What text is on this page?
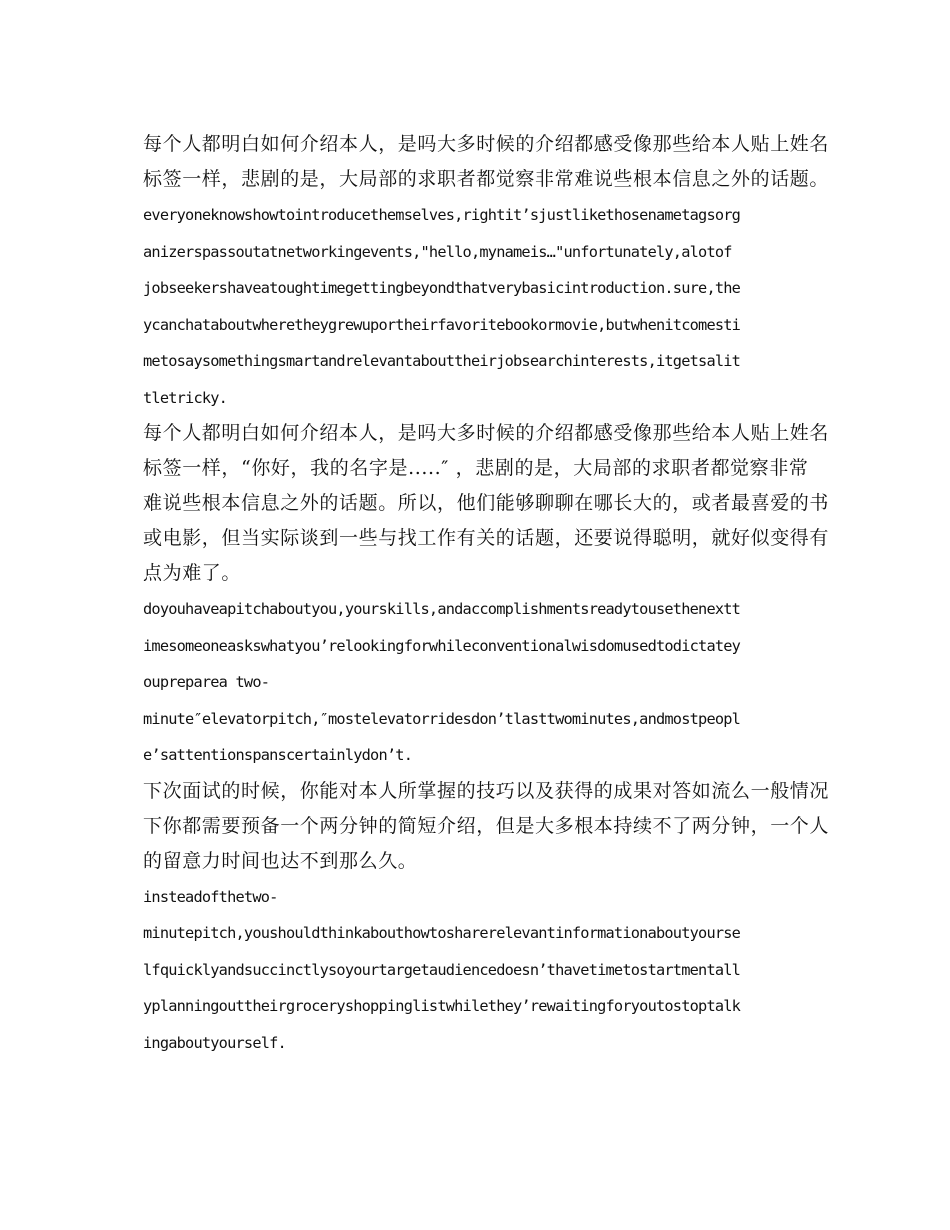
每个人都明白如何介绍本人，是吗大多时候的介绍都感受像那些给本人贴上姓名
标签一样，悲剧的是，大局部的求职者都觉察非常难说些根本信息之外的话题。
everyoneknowshowtointroducethemselves,rightit’sjustlikethosenametagsorg
anizerspassoutatnetworkingevents,"hello,mynameis…"unfortunately,alotof
jobseekershaveatoughtimegettingbeyondthatverybasicintroduction.sure,the
ycanchataboutwheretheygrewuportheirfavoritebookormovie,butwhenitcomesti
metosaysomethingsmartandrelevantabouttheirjobsearchinterests,itgetsalit
tletricky.
每个人都明白如何介绍本人，是吗大多时候的介绍都感受像那些给本人贴上姓名
标签一样，“你好，我的名字是.....″ ，悲剧的是，大局部的求职者都觉察非常
难说些根本信息之外的话题。所以，他们能够聊聊在哪长大的，或者最喜爱的书
或电影，但当实际谈到一些与找工作有关的话题，还要说得聪明，就好似变得有
点为难了。
doyouhaveapitchaboutyou,yourskills,andaccomplishmentsreadytousethenextt
imesomeoneaskswhatyou’relookingforwhileconventionalwisdomusedtodictatey
oupreparea two-
minute″elevatorpitch,″mostelevatorridesdon’tlasttwominutes,andmostpeopl
e’sattentionspanscertainlydon’t.
下次面试的时候，你能对本人所掌握的技巧以及获得的成果对答如流么一般情况
下你都需要预备一个两分钟的简短介绍，但是大多根本持续不了两分钟，一个人
的留意力时间也达不到那么久。
insteadofthetwo-
minutepitch,youshouldthinkabouthowtosharerelevantinformationaboutyourse
lfquicklyandsuccinctlysoyourtargetaudiencedoesn’thavetimetostartmentall
yplanningouttheirgroceryshoppinglistwhilethey’rewaitingforyoutostoptalk
ingaboutyourself.
